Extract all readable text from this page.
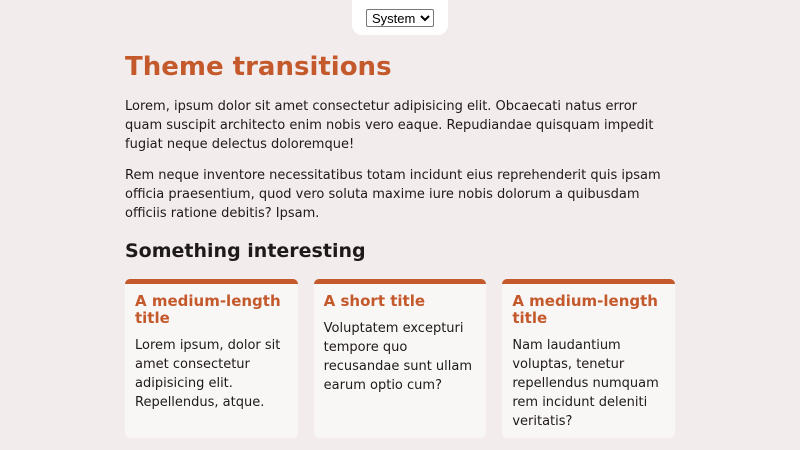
System
Theme transitions

Lorem, ipsum dolor sit amet consectetur adipisicing elit. Obcaecati natus error quam suscipit architecto enim nobis vero eaque. Repudiandae quisquam impedit fugiat neque delectus doloremque!

Rem neque inventore necessitatibus totam incidunt eius reprehenderit quis ipsam officia praesentium, quod vero soluta maxime iure nobis dolorum a quibusdam officiis ratione debitis? Ipsam.

Something interesting
A medium-length title

Lorem ipsum, dolor sit amet consectetur adipisicing elit. Repellendus, atque.

A short title

Voluptatem excepturi tempore quo recusandae sunt ullam earum optio cum?

A medium-length title

Nam laudantium voluptas, tenetur repellendus numquam rem incidunt deleniti veritatis?
